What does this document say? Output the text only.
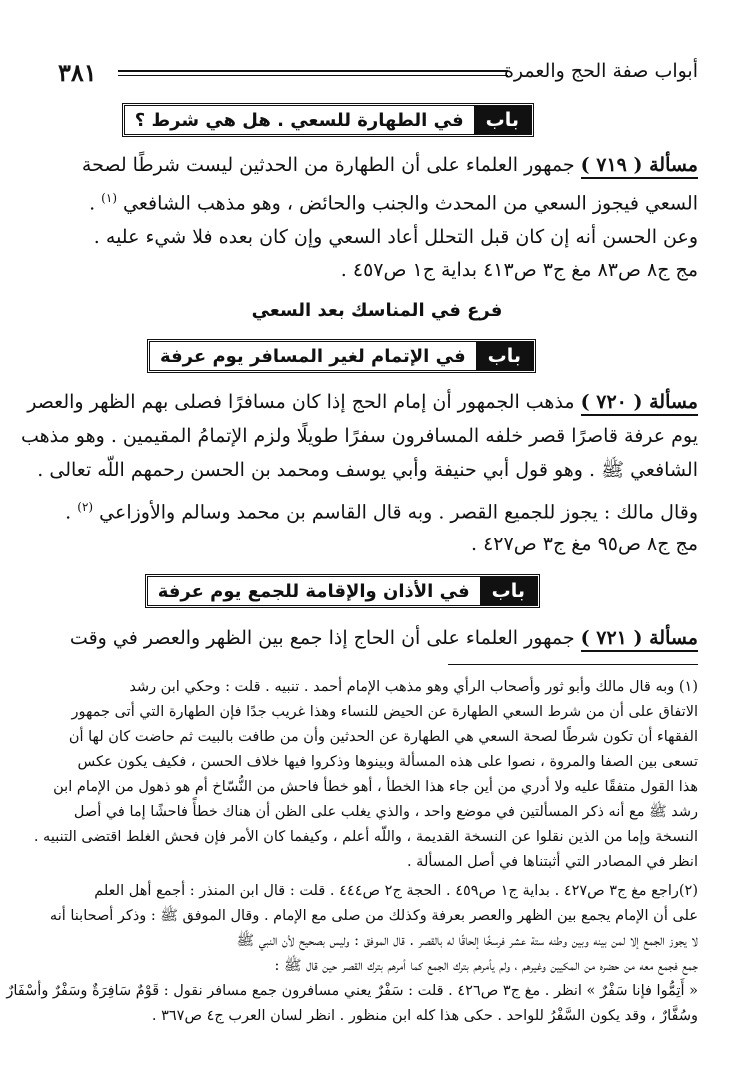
أبواب صفة الحج والعمرة
٣٨١
باب
في الطهارة للسعي . هل هي شرط ؟
مسألة ( ٧١٩ ) جمهور العلماء على أن الطهارة من الحدثين ليست شرطًا لصحة
السعي فيجوز السعي من المحدث والجنب والحائض ، وهو مذهب الشافعي $^{(١)}$ .
وعن الحسن أنه إن كان قبل التحلل أعاد السعي وإن كان بعده فلا شيء عليه .
مج ج٨ ص٨٣ مغ ج٣ ص٤١٣ بداية ج١ ص٤٥٧ .
فرع في المناسك بعد السعي
باب
في الإتمام لغير المسافر يوم عرفة
مسألة ( ٧٢٠ ) مذهب الجمهور أن إمام الحج إذا كان مسافرًا فصلى بهم الظهر والعصر
يوم عرفة قاصرًا قصر خلفه المسافرون سفرًا طويلًا ولزم الإتمامُ المقيمين . وهو مذهب
الشافعي ﷺ . وهو قول أبي حنيفة وأبي يوسف ومحمد بن الحسن رحمهم اللّه تعالى .
وقال مالك : يجوز للجميع القصر . وبه قال القاسم بن محمد وسالم والأوزاعي $^{(٢)}$ .
مج ج٨ ص٩٥ مغ ج٣ ص٤٢٧ .
باب
في الأذان والإقامة للجمع يوم عرفة
مسألة ( ٧٢١ ) جمهور العلماء على أن الحاج إذا جمع بين الظهر والعصر في وقت
(١) وبه قال مالك وأبو ثور وأصحاب الرأي وهو مذهب الإمام أحمد . تنبيه . قلت : وحكي ابن رشد
الاتفاق على أن من شرط السعي الطهارة عن الحيض للنساء وهذا غريب جدًا فإن الطهارة التي أتى جمهور
الفقهاء أن تكون شرطًا لصحة السعي هي الطهارة عن الحدثين وأن من طافت بالبيت ثم حاضت كان لها أن
تسعى بين الصفا والمروة ، نصوا على هذه المسألة وبينوها وذكروا فيها خلاف الحسن ، فكيف يكون عكس
هذا القول متفقًا عليه ولا أدري من أين جاء هذا الخطأ ، أهو خطأ فاحش من النُّسّاخ أم هو ذهول من الإمام ابن
رشد ﷺ مع أنه ذكر المسألتين في موضع واحد ، والذي يغلب على الظن أن هناك خطأً فاحشًا إما في أصل
النسخة وإما من الذين نقلوا عن النسخة القديمة ، واللّه أعلم ، وكيفما كان الأمر فإن فحش الغلط اقتضى التنبيه .
انظر في المصادر التي أثبتناها في أصل المسألة .
(٢)راجع مغ ج٣ ص٤٢٧ . بداية ج١ ص٤٥٩ . الحجة ج٢ ص٤٤٤ . قلت : قال ابن المنذر : أجمع أهل العلم
على أن الإمام يجمع بين الظهر والعصر بعرفة وكذلك من صلى مع الإمام . وقال الموفق ﷺ : وذكر أصحابنا أنه
لا يجوز الجمع إلا لمن بينه وبين وطنه ستة عشر فرسخًا إلحاقًا له بالقصر . قال الموفق : وليس بصحيح لأن النبي ﷺ
جمع فجمع معه من حضره من المكيين وغيرهم ، ولم يأمرهم بترك الجمع كما أمرهم بترك القصر حين قال ﷺ :
« أَتِمُّوا فإنا سَفْرٌ » انظر . مغ ج٣ ص٤٢٦ . قلت : سَفْرٌ يعني مسافرون جمع مسافر نقول : قَوْمٌ سَافِرَةٌ وسَفْرٌ وأسْفَارٌ
وسُفَّارٌ ، وقد يكون السَّفْرُ للواحد . حكى هذا كله ابن منظور . انظر لسان العرب ج٤ ص٣٦٧ .
